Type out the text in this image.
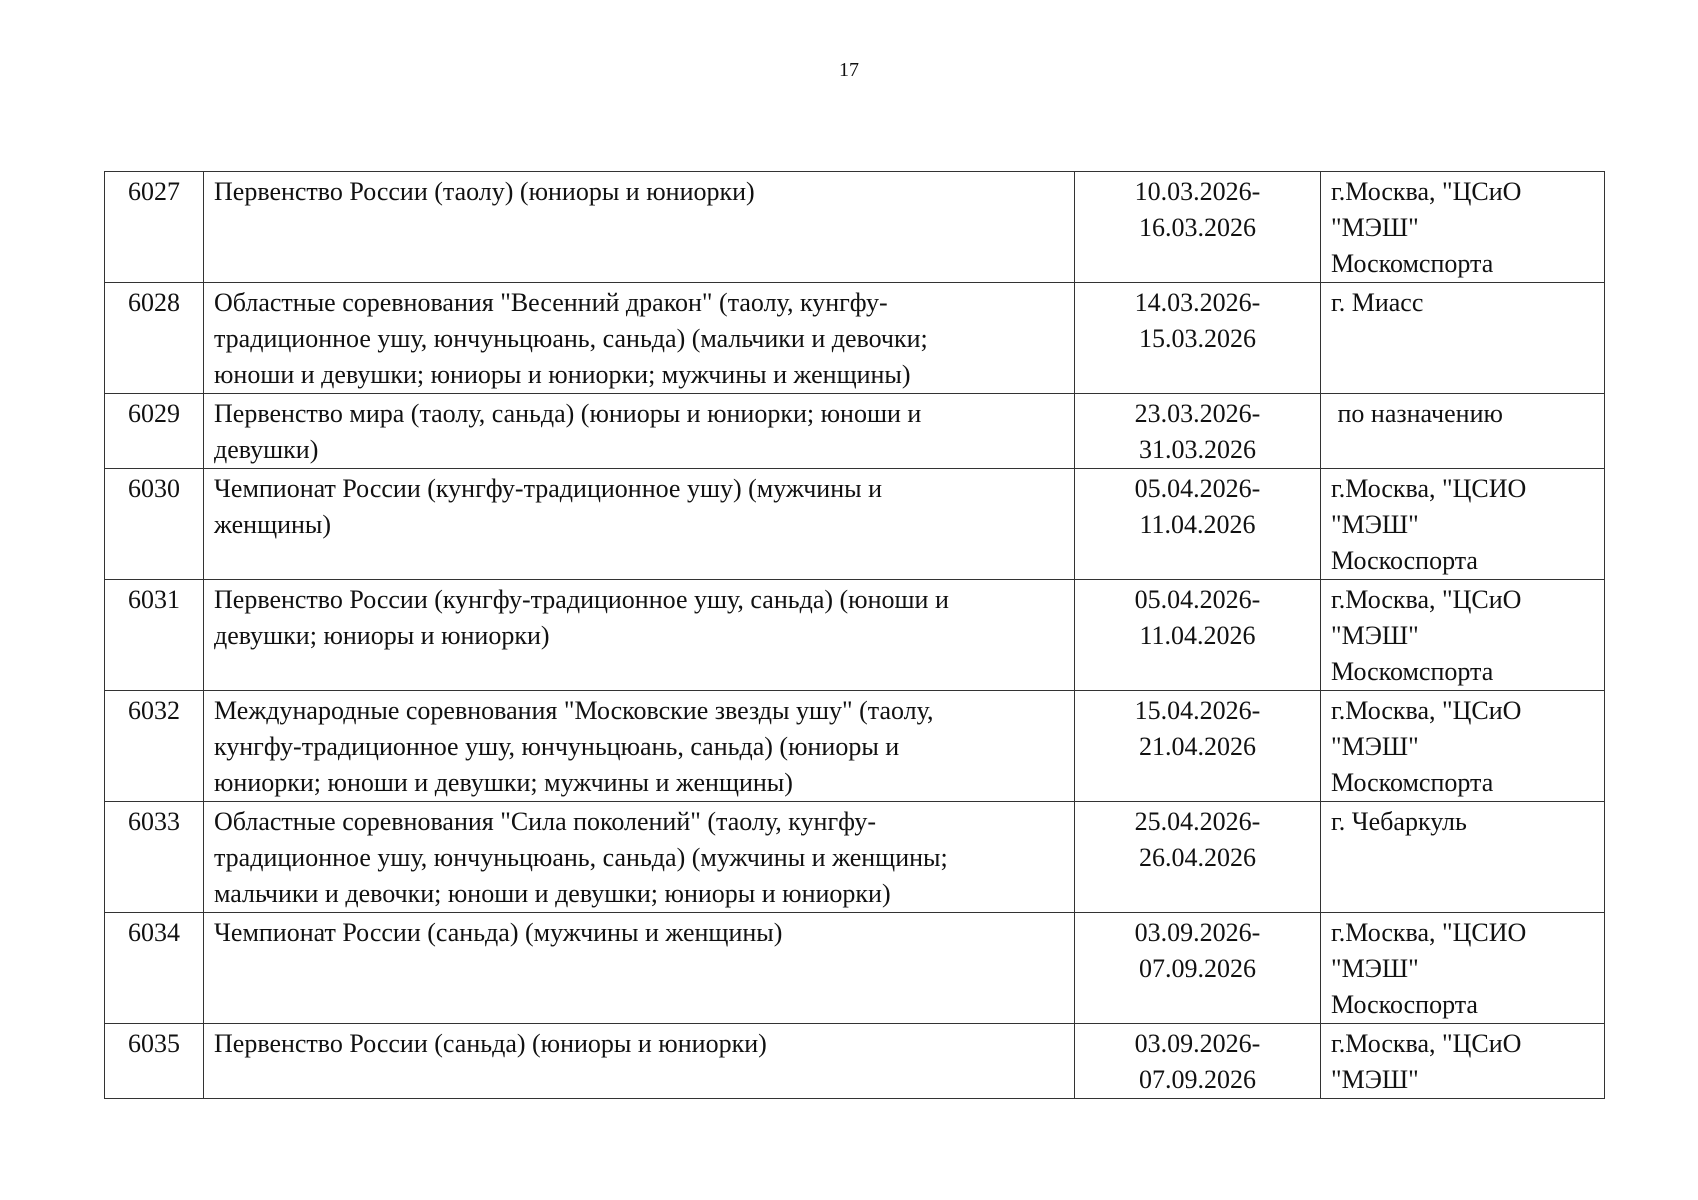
17
6027	Первенство России (таолу) (юниоры и юниорки)	10.03.2026-
16.03.2026	г.Москва, "ЦСиО
"МЭШ"
Москомспорта

6028	Областные соревнования "Весенний дракон" (таолу, кунгфу-
традиционное ушу, юнчуньцюань, саньда) (мальчики и девочки;
юноши и девушки; юниоры и юниорки; мужчины и женщины)	14.03.2026-
15.03.2026	г. Миасс

6029	Первенство мира (таолу, саньда) (юниоры и юниорки; юноши и
девушки)	23.03.2026-
31.03.2026	по назначению

6030	Чемпионат России (кунгфу-традиционное ушу) (мужчины и
женщины)	05.04.2026-
11.04.2026	г.Москва, "ЦСИО
"МЭШ"
Москоспорта

6031	Первенство России (кунгфу-традиционное ушу, саньда) (юноши и
девушки; юниоры и юниорки)	05.04.2026-
11.04.2026	г.Москва, "ЦСиО
"МЭШ"
Москомспорта

6032	Международные соревнования "Московские звезды ушу" (таолу,
кунгфу-традиционное ушу, юнчуньцюань, саньда) (юниоры и
юниорки; юноши и девушки; мужчины и женщины)	15.04.2026-
21.04.2026	г.Москва, "ЦСиО
"МЭШ"
Москомспорта

6033	Областные соревнования "Сила поколений" (таолу, кунгфу-
традиционное ушу, юнчуньцюань, саньда) (мужчины и женщины;
мальчики и девочки; юноши и девушки; юниоры и юниорки)	25.04.2026-
26.04.2026	г. Чебаркуль

6034	Чемпионат России (саньда) (мужчины и женщины)	03.09.2026-
07.09.2026	г.Москва, "ЦСИО
"МЭШ"
Москоспорта

6035	Первенство России (саньда) (юниоры и юниорки)	03.09.2026-
07.09.2026	г.Москва, "ЦСиО
"МЭШ"
